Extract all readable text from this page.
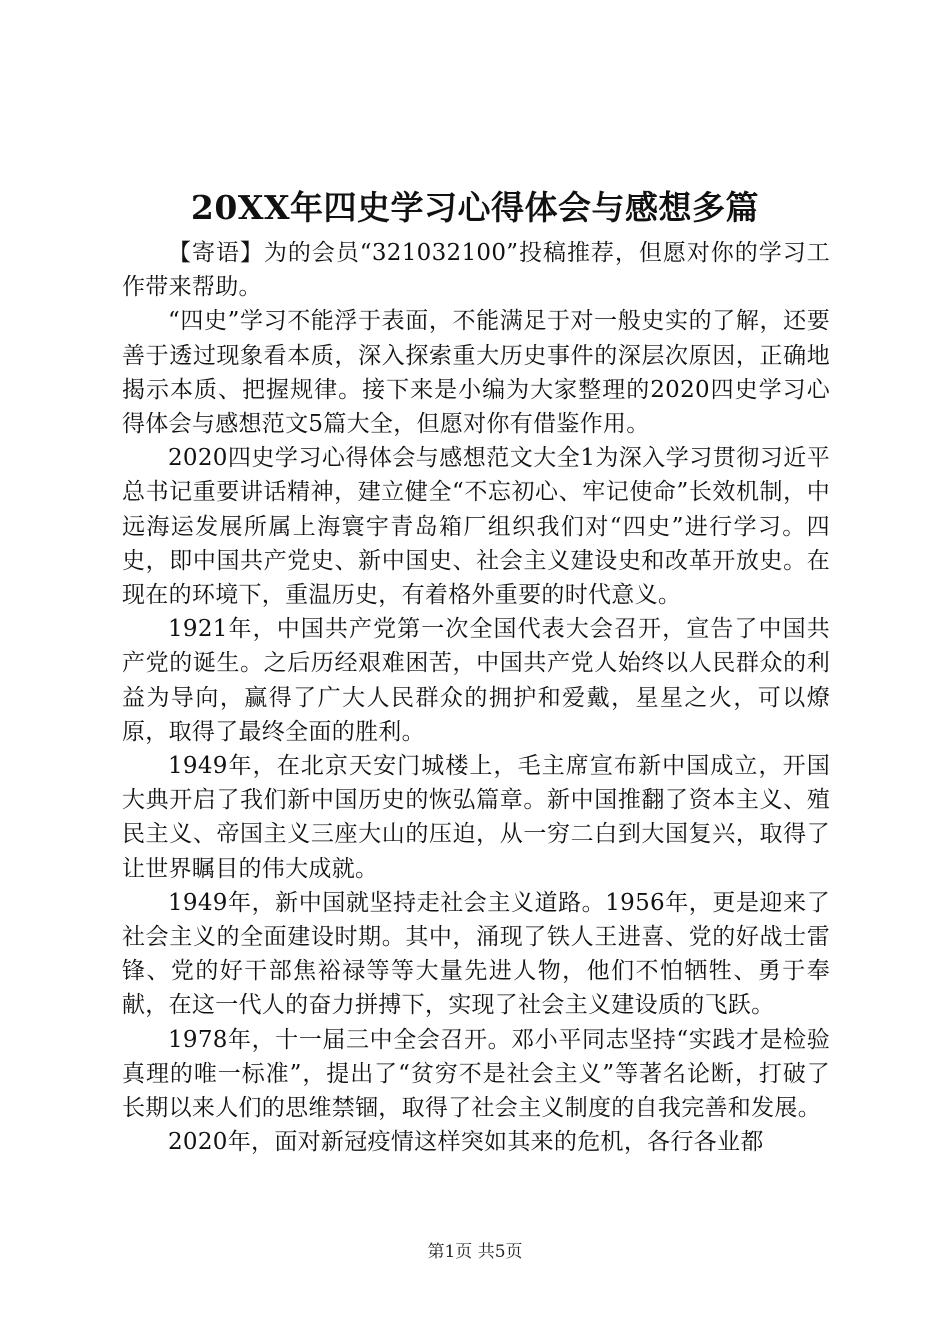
20XX年四史学习心得体会与感想多篇

【寄语】为的会员“321032100”投稿推荐，但愿对你的学习工作带来帮助。

“四史”学习不能浮于表面，不能满足于对一般史实的了解，还要善于透过现象看本质，深入探索重大历史事件的深层次原因，正确地揭示本质、把握规律。接下来是小编为大家整理的2020四史学习心得体会与感想范文5篇大全，但愿对你有借鉴作用。

2020四史学习心得体会与感想范文大全1为深入学习贯彻习近平总书记重要讲话精神，建立健全“不忘初心、牢记使命”长效机制，中远海运发展所属上海寰宇青岛箱厂组织我们对“四史”进行学习。四史，即中国共产党史、新中国史、社会主义建设史和改革开放史。在现在的环境下，重温历史，有着格外重要的时代意义。

1921年，中国共产党第一次全国代表大会召开，宣告了中国共产党的诞生。之后历经艰难困苦，中国共产党人始终以人民群众的利益为导向，赢得了广大人民群众的拥护和爱戴，星星之火，可以燎原，取得了最终全面的胜利。

1949年，在北京天安门城楼上，毛主席宣布新中国成立，开国大典开启了我们新中国历史的恢弘篇章。新中国推翻了资本主义、殖民主义、帝国主义三座大山的压迫，从一穷二白到大国复兴，取得了让世界瞩目的伟大成就。

1949年，新中国就坚持走社会主义道路。1956年，更是迎来了社会主义的全面建设时期。其中，涌现了铁人王进喜、党的好战士雷锋、党的好干部焦裕禄等等大量先进人物，他们不怕牺牲、勇于奉献，在这一代人的奋力拼搏下，实现了社会主义建设质的飞跃。

1978年，十一届三中全会召开。邓小平同志坚持“实践才是检验真理的唯一标准”，提出了“贫穷不是社会主义”等著名论断，打破了长期以来人们的思维禁锢，取得了社会主义制度的自我完善和发展。

2020年，面对新冠疫情这样突如其来的危机，各行各业都

第1页 共5页
